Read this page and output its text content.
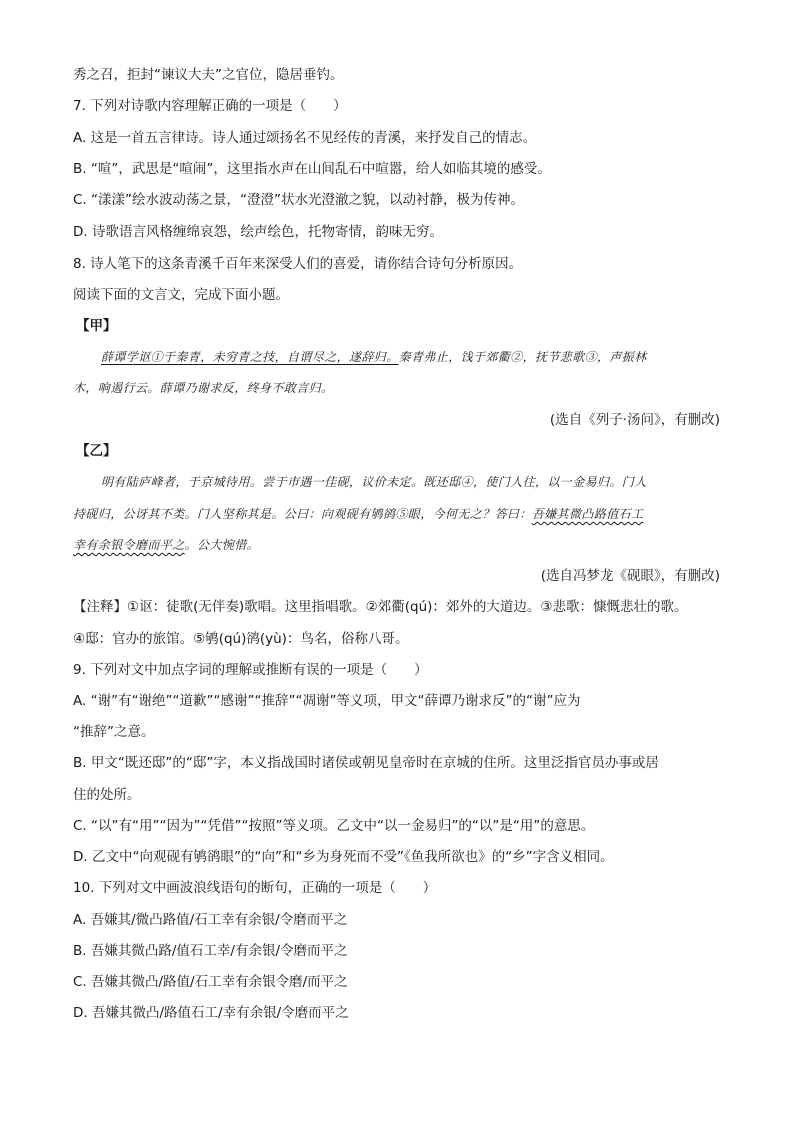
秀之召，拒封“谏议大夫”之官位，隐居垂钓。
7. 下列对诗歌内容理解正确的一项是（　　）
A. 这是一首五言律诗。诗人通过颂扬名不见经传的青溪，来抒发自己的情志。
B. “喧”，武思是“喧闹”，这里指水声在山间乱石中喧嚣，给人如临其境的感受。
C. “漾漾”绘水波动荡之景，“澄澄”状水光澄澈之貌，以动衬静，极为传神。
D. 诗歌语言风格缠绵哀怨，绘声绘色，托物寄情，韵味无穷。
8. 诗人笔下的这条青溪千百年来深受人们的喜爱，请你结合诗句分析原因。
阅读下面的文言文，完成下面小题。
【甲】
薛谭学讴①于秦青，未穷青之技，自谓尽之，遂辞归。秦青弗止，饯于郊衢②，抚节悲歌③，声振林
木，响遏行云。薛谭乃谢求反，终身不敢言归。
(选自《列子·汤问》，有删改)
【乙】
明有陆庐峰者，于京城待用。尝于市遇一佳砚，议价未定。既还邸④，使门人往，以一金易归。门人
持砚归，公讶其不类。门人坚称其是。公曰：向观砚有鸲鹆⑤眼，今何无之？答曰：吾嫌其微凸路值石工
幸有余银令磨而平之。公大惋惜。
(选自冯梦龙《砚眼》，有删改)
【注释】①讴：徒歌(无伴奏)歌唱。这里指唱歌。②郊衢(qú)：郊外的大道边。③悲歌：慷慨悲壮的歌。
④邸：官办的旅馆。⑤鸲(qú)鹆(yù)：鸟名，俗称八哥。
9. 下列对文中加点字词的理解或推断有误的一项是（　　）
A. “谢”有“谢绝”“道歉”“感谢”“推辞”“凋谢”等义项，甲文“薛谭乃谢求反”的“谢”应为
“推辞”之意。
B. 甲文“既还邸”的“邸”字，本义指战国时诸侯或朝见皇帝时在京城的住所。这里泛指官员办事或居
住的处所。
C. “以”有“用”“因为”“凭借”“按照”等义项。乙文中“以一金易归”的“以”是“用”的意思。
D. 乙文中“向观砚有鸲鹆眼”的“向”和“乡为身死而不受”《鱼我所欲也》的“乡”字含义相同。
10. 下列对文中画波浪线语句的断句，正确的一项是（　　）
A. 吾嫌其/微凸路值/石工幸有余银/令磨而平之
B. 吾嫌其微凸路/值石工幸/有余银/令磨而平之
C. 吾嫌其微凸/路值/石工幸有余银令磨/而平之
D. 吾嫌其微凸/路值石工/幸有余银/令磨而平之
